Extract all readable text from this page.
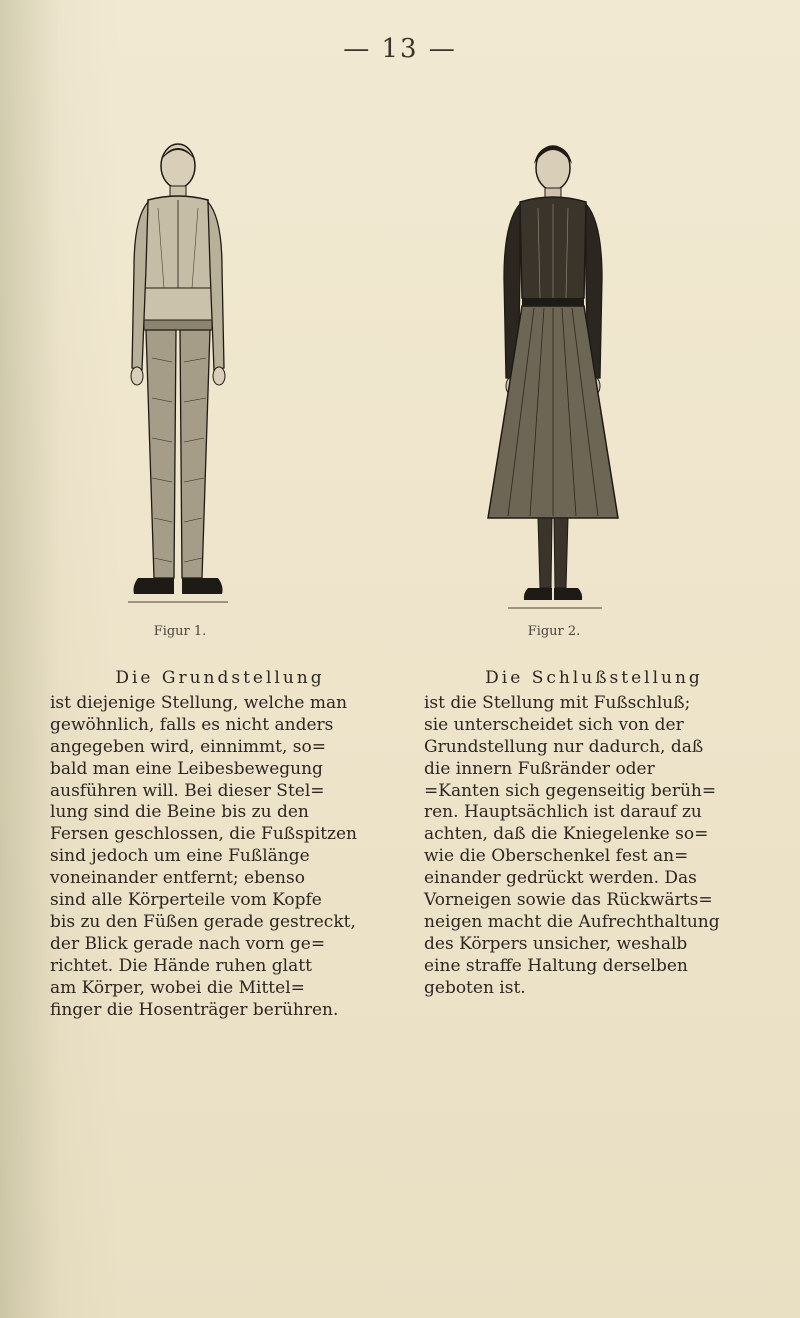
— 13 —
Figur 1.	Figur 2.
Die Grundstellung
ist diejenige Stellung, welche man
gewöhnlich, falls es nicht anders
angegeben wird, einnimmt, so=
bald man eine Leibesbewegung
ausführen will. Bei dieser Stel=
lung sind die Beine bis zu den
Fersen geschlossen, die Fußspitzen
sind jedoch um eine Fußlänge
voneinander entfernt; ebenso
sind alle Körperteile vom Kopfe
bis zu den Füßen gerade gestreckt,
der Blick gerade nach vorn ge=
richtet. Die Hände ruhen glatt
am Körper, wobei die Mittel=
finger die Hosenträger berühren.
Die Schlußstellung
ist die Stellung mit Fußschluß;
sie unterscheidet sich von der
Grundstellung nur dadurch, daß
die innern Fußränder oder
=Kanten sich gegenseitig berüh=
ren. Hauptsächlich ist darauf zu
achten, daß die Kniegelenke so=
wie die Oberschenkel fest an=
einander gedrückt werden. Das
Vorneigen sowie das Rückwärts=
neigen macht die Aufrechthaltung
des Körpers unsicher, weshalb
eine straffe Haltung derselben
geboten ist.
